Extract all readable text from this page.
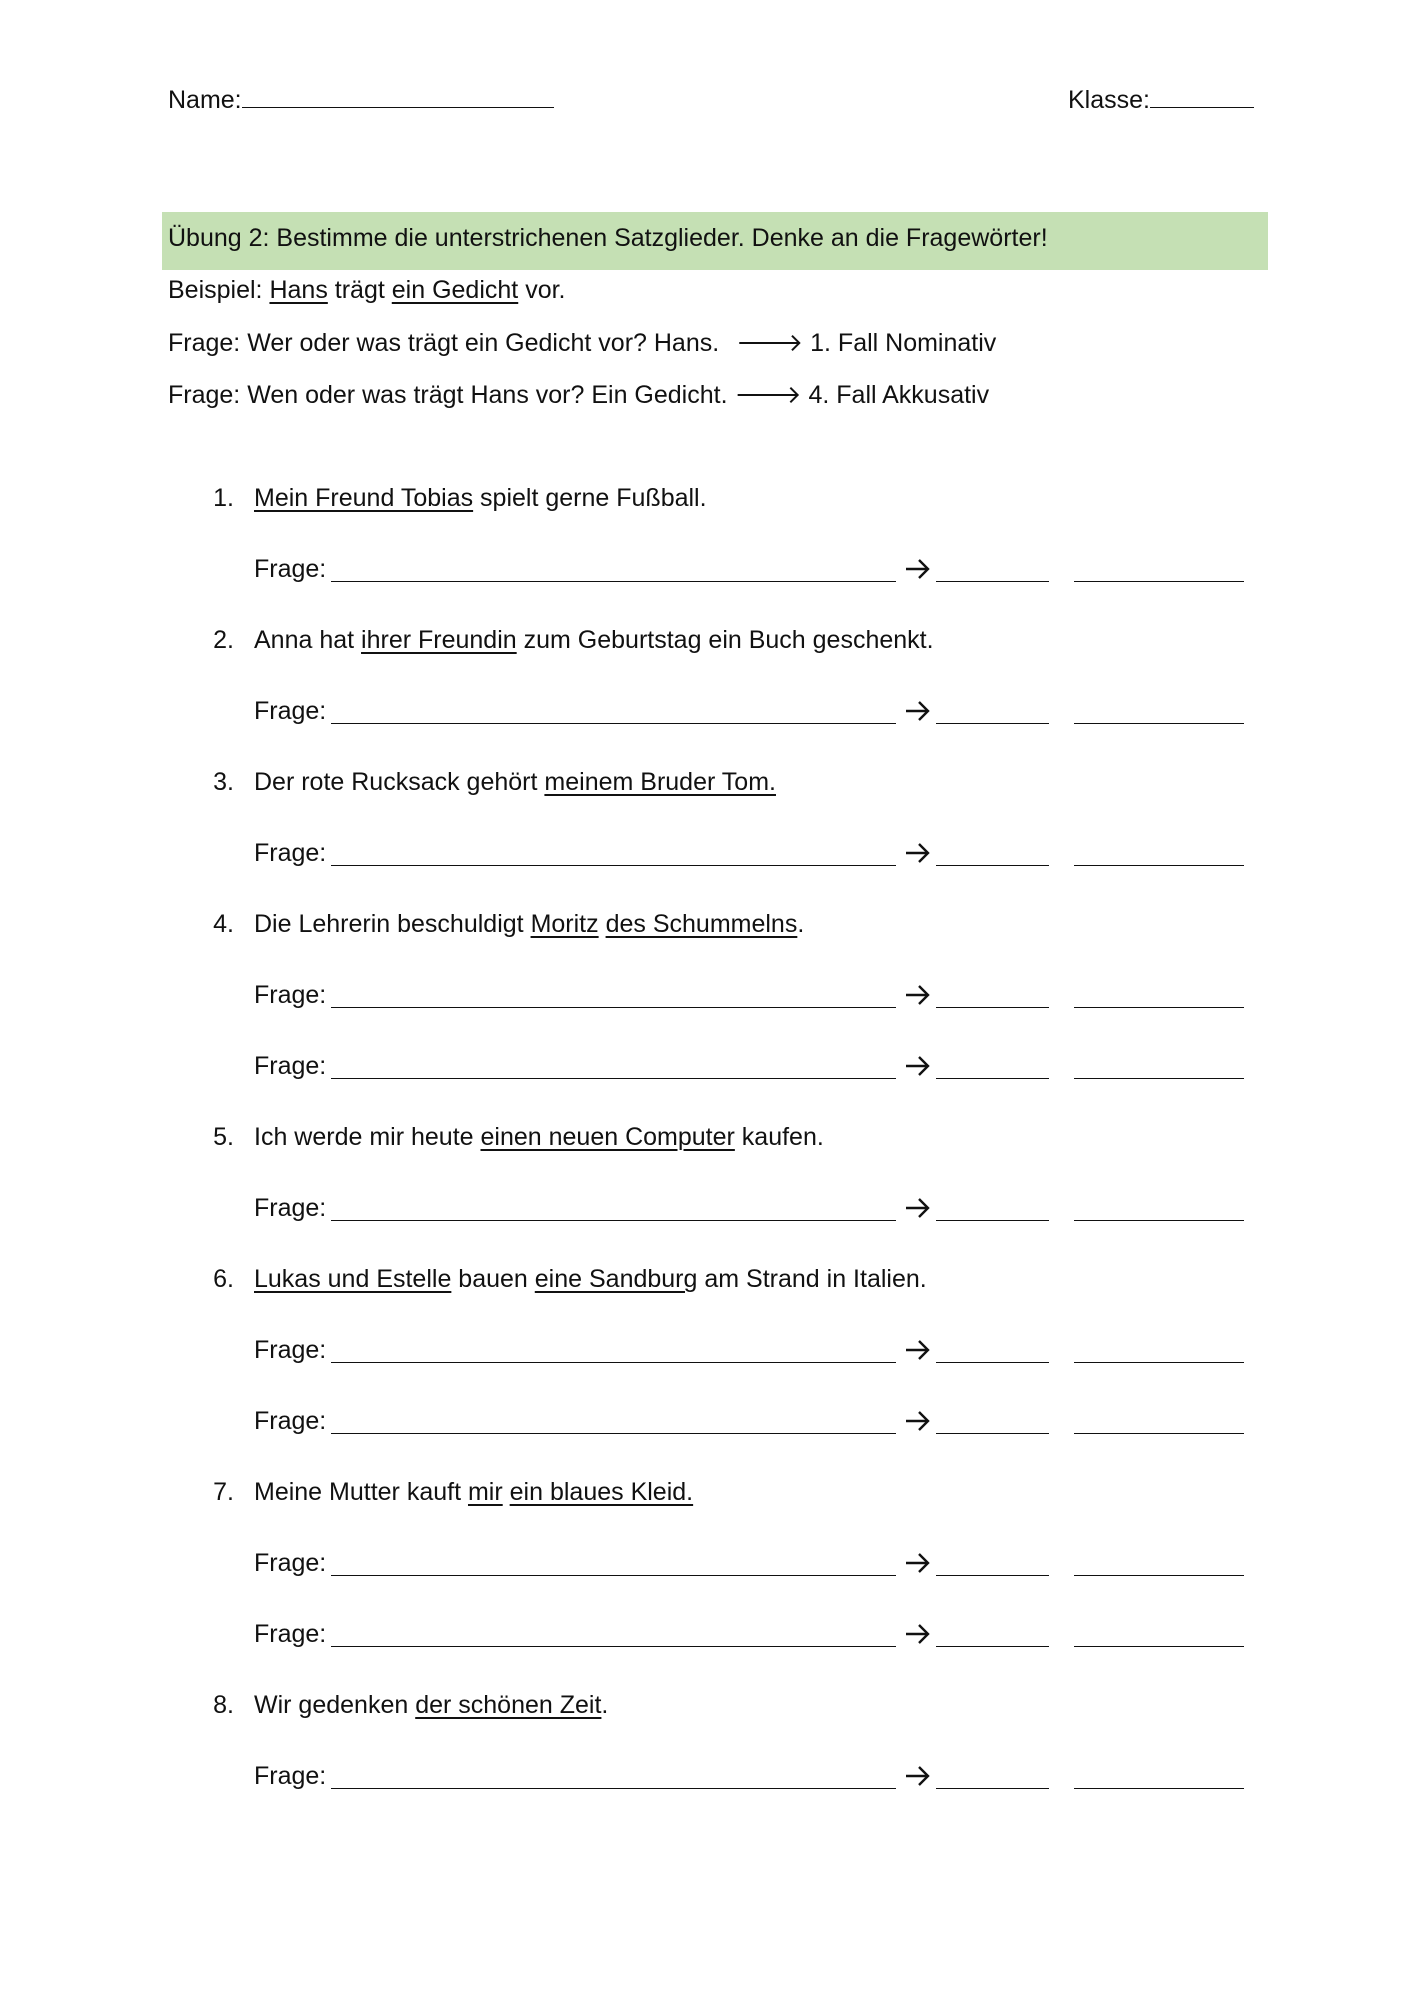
Name:	Klasse:
Übung 2: Bestimme die unterstrichenen Satzglieder. Denke an die Fragewörter!
Beispiel: Hans trägt ein Gedicht vor.
Frage: Wer oder was trägt ein Gedicht vor? Hans. 🡒 1. Fall Nominativ
Frage: Wen oder was trägt Hans vor? Ein Gedicht. 🡒 4. Fall Akkusativ
1. Mein Freund Tobias spielt gerne Fußball.
Frage:
2. Anna hat ihrer Freundin zum Geburtstag ein Buch geschenkt.
Frage:
3. Der rote Rucksack gehört meinem Bruder Tom.
Frage:
4. Die Lehrerin beschuldigt Moritz des Schummelns.
Frage:
Frage:
5. Ich werde mir heute einen neuen Computer kaufen.
Frage:
6. Lukas und Estelle bauen eine Sandburg am Strand in Italien.
Frage:
Frage:
7. Meine Mutter kauft mir ein blaues Kleid.
Frage:
Frage:
8. Wir gedenken der schönen Zeit.
Frage:
